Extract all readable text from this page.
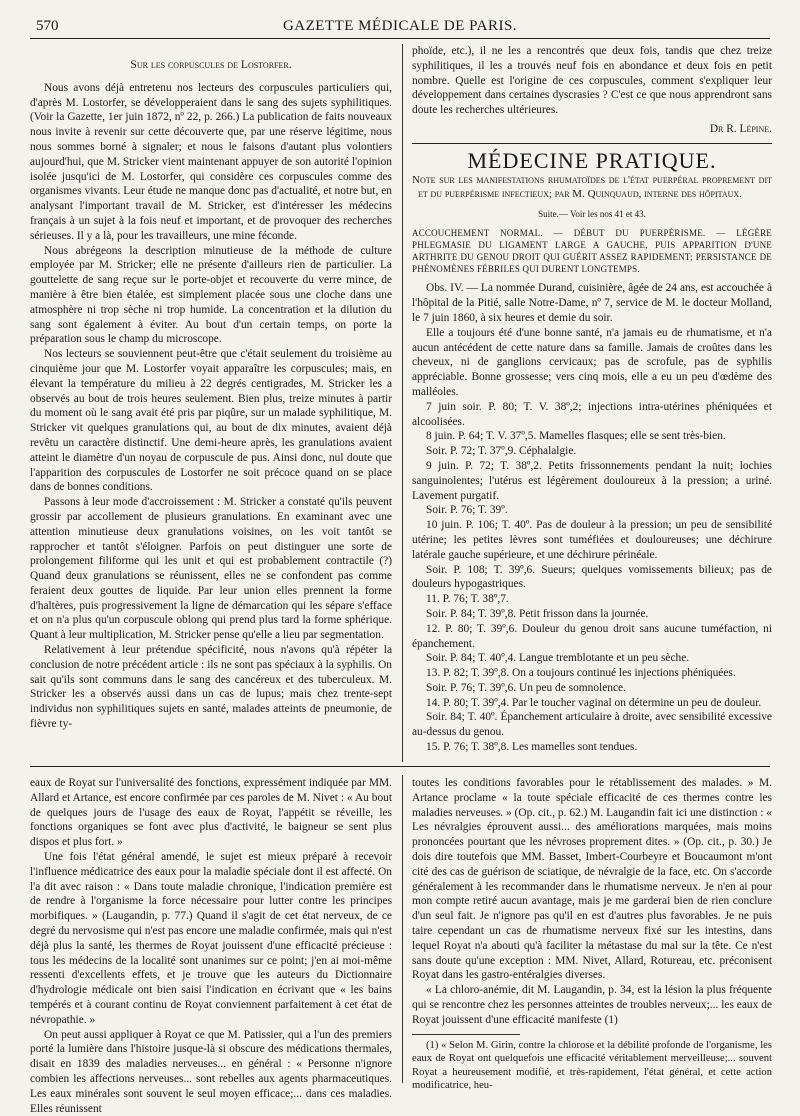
570	GAZETTE MÉDICALE DE PARIS.
Sur les corpuscules de Lostorfer.

Nous avons déjà entretenu nos lecteurs des corpuscules particuliers qui, d'après M. Lostorfer, se développeraient dans le sang des sujets syphilitiques. (Voir la Gazette, 1er juin 1872, nº 22, p. 266.) La publication de faits nouveaux nous invite à revenir sur cette découverte que, par une réserve légitime, nous nous sommes borné à signaler; et nous le faisons d'autant plus volontiers aujourd'hui, que M. Stricker vient maintenant appuyer de son autorité l'opinion isolée jusqu'ici de M. Lostorfer, qui considère ces corpuscules comme des organismes vivants. Leur étude ne manque donc pas d'actualité, et notre but, en analysant l'important travail de M. Stricker, est d'intéresser les médecins français à un sujet à la fois neuf et important, et de provoquer des recherches sérieuses. Il y a là, pour les travailleurs, une mine féconde.

Nous abrégeons la description minutieuse de la méthode de culture employée par M. Stricker; elle ne présente d'ailleurs rien de particulier. La gouttelette de sang reçue sur le porte-objet et recouverte du verre mince, de manière à être bien étalée, est simplement placée sous une cloche dans une atmosphère ni trop sèche ni trop humide. La concentration et la dilution du sang sont également à éviter. Au bout d'un certain temps, on porte la préparation sous le champ du microscope.

Nos lecteurs se souviennent peut-être que c'était seulement du troisième au cinquième jour que M. Lostorfer voyait apparaître les corpuscules; mais, en élevant la température du milieu à 22 degrés centigrades, M. Stricker les a observés au bout de trois heures seulement. Bien plus, treize minutes à partir du moment où le sang avait été pris par piqûre, sur un malade syphilitique, M. Stricker vit quelques granulations qui, au bout de dix minutes, avaient déjà revêtu un caractère distinctif. Une demi-heure après, les granulations avaient atteint le diamètre d'un noyau de corpuscule de pus. Ainsi donc, nul doute que l'apparition des corpuscules de Lostorfer ne soit précoce quand on se place dans de bonnes conditions.

Passons à leur mode d'accroissement : M. Stricker a constaté qu'ils peuvent grossir par accollement de plusieurs granulations. En examinant avec une attention minutieuse deux granulations voisines, on les voit tantôt se rapprocher et tantôt s'éloigner. Parfois on peut distinguer une sorte de prolongement filiforme qui les unit et qui est probablement contractile (?) Quand deux granulations se réunissent, elles ne se confondent pas comme feraient deux gouttes de liquide. Par leur union elles prennent la forme d'haltères, puis progressivement la ligne de démarcation qui les sépare s'efface et on n'a plus qu'un corpuscule oblong qui prend plus tard la forme sphérique. Quant à leur multiplication, M. Stricker pense qu'elle a lieu par segmentation.

Relativement à leur prétendue spécificité, nous n'avons qu'à répéter la conclusion de notre précédent article : ils ne sont pas spéciaux à la syphilis. On sait qu'ils sont communs dans le sang des cancéreux et des tuberculeux. M. Stricker les a observés aussi dans un cas de lupus; mais chez trente-sept individus non syphilitiques sujets en santé, malades atteints de pneumonie, de fièvre ty-

phoïde, etc.), il ne les a rencontrés que deux fois, tandis que chez treize syphilitiques, il les a trouvés neuf fois en abondance et deux fois en petit nombre. Quelle est l'origine de ces corpuscules, comment s'expliquer leur développement dans certaines dyscrasies ? C'est ce que nous apprendront sans doute les recherches ultérieures.

Dr R. Lépine.
MÉDECINE PRATIQUE.
Note sur les manifestations rhumatoïdes de l'état puerpéral proprement dit et du puerpérisme infectieux; par M. Quinquaud, interne des hôpitaux.
Suite.— Voir les nos 41 et 43.
ACCOUCHEMENT NORMAL. — DÉBUT DU PUERPÉRISME. — LÉGÈRE PHLEGMASIE DU LIGAMENT LARGE A GAUCHE, PUIS APPARITION D'UNE ARTHRITE DU GENOU DROIT QUI GUÉRIT ASSEZ RAPIDEMENT; PERSISTANCE DE PHÉNOMÈNES FÉBRILES QUI DURENT LONGTEMPS.

Obs. IV. — La nommée Durand, cuisinière, âgée de 24 ans, est accouchée à l'hôpital de la Pitié, salle Notre-Dame, nº 7, service de M. le docteur Molland, le 7 juin 1860, à six heures et demie du soir.

Elle a toujours été d'une bonne santé, n'a jamais eu de rhumatisme, et n'a aucun antécédent de cette nature dans sa famille. Jamais de croûtes dans les cheveux, ni de ganglions cervicaux; pas de scrofule, pas de syphilis appréciable. Bonne grossesse; vers cinq mois, elle a eu un peu d'œdème des malléoles.

7 juin soir. P. 80; T. V. 38º,2; injections intra-utérines phéniquées et alcoolisées.

8 juin. P. 64; T. V. 37º,5. Mamelles flasques; elle se sent très-bien.

Soir. P. 72; T. 37º,9. Céphalalgie.

9 juin. P. 72; T. 38º,2. Petits frissonnements pendant la nuit; lochies sanguinolentes; l'utérus est légèrement douloureux à la pression; a uriné. Lavement purgatif.

Soir. P. 76; T. 39º.

10 juin. P. 106; T. 40º. Pas de douleur à la pression; un peu de sensibilité utérine; les petites lèvres sont tuméfiées et douloureuses; une déchirure latérale gauche supérieure, et une déchirure périnéale.

Soir. P. 108; T. 39º,6. Sueurs; quelques vomissements bilieux; pas de douleurs hypogastriques.

11. P. 76; T. 38º,7.

Soir. P. 84; T. 39º,8. Petit frisson dans la journée.

12. P. 80; T. 39º,6. Douleur du genou droit sans aucune tuméfaction, ni épanchement.

Soir. P. 84; T. 40º,4. Langue tremblotante et un peu sèche.

13. P. 82; T. 39º,8. On a toujours continué les injections phéniquées.

Soir. P. 76; T. 39º,6. Un peu de somnolence.

14. P. 80; T. 39º,4. Par le toucher vaginal on détermine un peu de douleur.

Soir. 84; T. 40º. Épanchement articulaire à droite, avec sensibilité excessive au-dessus du genou.

15. P. 76; T. 38º,8. Les mamelles sont tendues.

eaux de Royat sur l'universalité des fonctions, expressément indiquée par MM. Allard et Artance, est encore confirmée par ces paroles de M. Nivet : « Au bout de quelques jours de l'usage des eaux de Royat, l'appétit se réveille, les fonctions organiques se font avec plus d'activité, le baigneur se sent plus dispos et plus fort. »

Une fois l'état général amendé, le sujet est mieux préparé à recevoir l'influence médicatrice des eaux pour la maladie spéciale dont il est affecté. On l'a dit avec raison : « Dans toute maladie chronique, l'indication première est de rendre à l'organisme la force nécessaire pour lutter contre les principes morbifiques. » (Laugandin, p. 77.) Quand il s'agit de cet état nerveux, de ce degré du nervosisme qui n'est pas encore une maladie confirmée, mais qui n'est déjà plus la santé, les thermes de Royat jouissent d'une efficacité précieuse : tous les médecins de la localité sont unanimes sur ce point; j'en ai moi-même ressenti d'excellents effets, et je trouve que les auteurs du Dictionnaire d'hydrologie médicale ont bien saisi l'indication en écrivant que « les bains tempérés et à courant continu de Royat conviennent parfaitement à cet état de névropathie. »

On peut aussi appliquer à Royat ce que M. Patissier, qui a l'un des premiers porté la lumière dans l'histoire jusque-là si obscure des médications thermales, disait en 1839 des maladies nerveuses... en général : « Personne n'ignore combien les affections nerveuses... sont rebelles aux agents pharmaceutiques. Les eaux minérales sont souvent le seul moyen efficace;... dans ces maladies. Elles réunissent

toutes les conditions favorables pour le rétablissement des malades. » M. Artance proclame « la toute spéciale efficacité de ces thermes contre les maladies nerveuses. » (Op. cit., p. 62.) M. Laugandin fait ici une distinction : « Les névralgies éprouvent aussi... des améliorations marquées, mais moins prononcées pourtant que les névroses proprement dites. » (Op. cit., p. 30.) Je dois dire toutefois que MM. Basset, Imbert-Courbeyre et Boucaumont m'ont cité des cas de guérison de sciatique, de névralgie de la face, etc. On s'accorde généralement à les recommander dans le rhumatisme nerveux. Je n'en ai pour mon compte retiré aucun avantage, mais je me garderai bien de rien conclure d'un seul fait. Je n'ignore pas qu'il en est d'autres plus favorables. Je ne puis taire cependant un cas de rhumatisme nerveux fixé sur les intestins, dans lequel Royat n'a abouti qu'à faciliter la métastase du mal sur la tête. Ce n'est sans doute qu'une exception : MM. Nivet, Allard, Rotureau, etc. préconisent Royat dans les gastro-entéralgies diverses.

« La chloro-anémie, dit M. Laugandin, p. 34, est la lésion la plus fréquente qui se rencontre chez les personnes atteintes de troubles nerveux;... les eaux de Royat jouissent d'une efficacité manifeste (1)

(1) « Selon M. Girin, contre la chlorose et la débilité profonde de l'organisme, les eaux de Royat ont quelquefois une efficacité véritablement merveilleuse;... souvent Royat a heureusement modifié, et très-rapidement, l'état général, et cette action modificatrice, heu-
